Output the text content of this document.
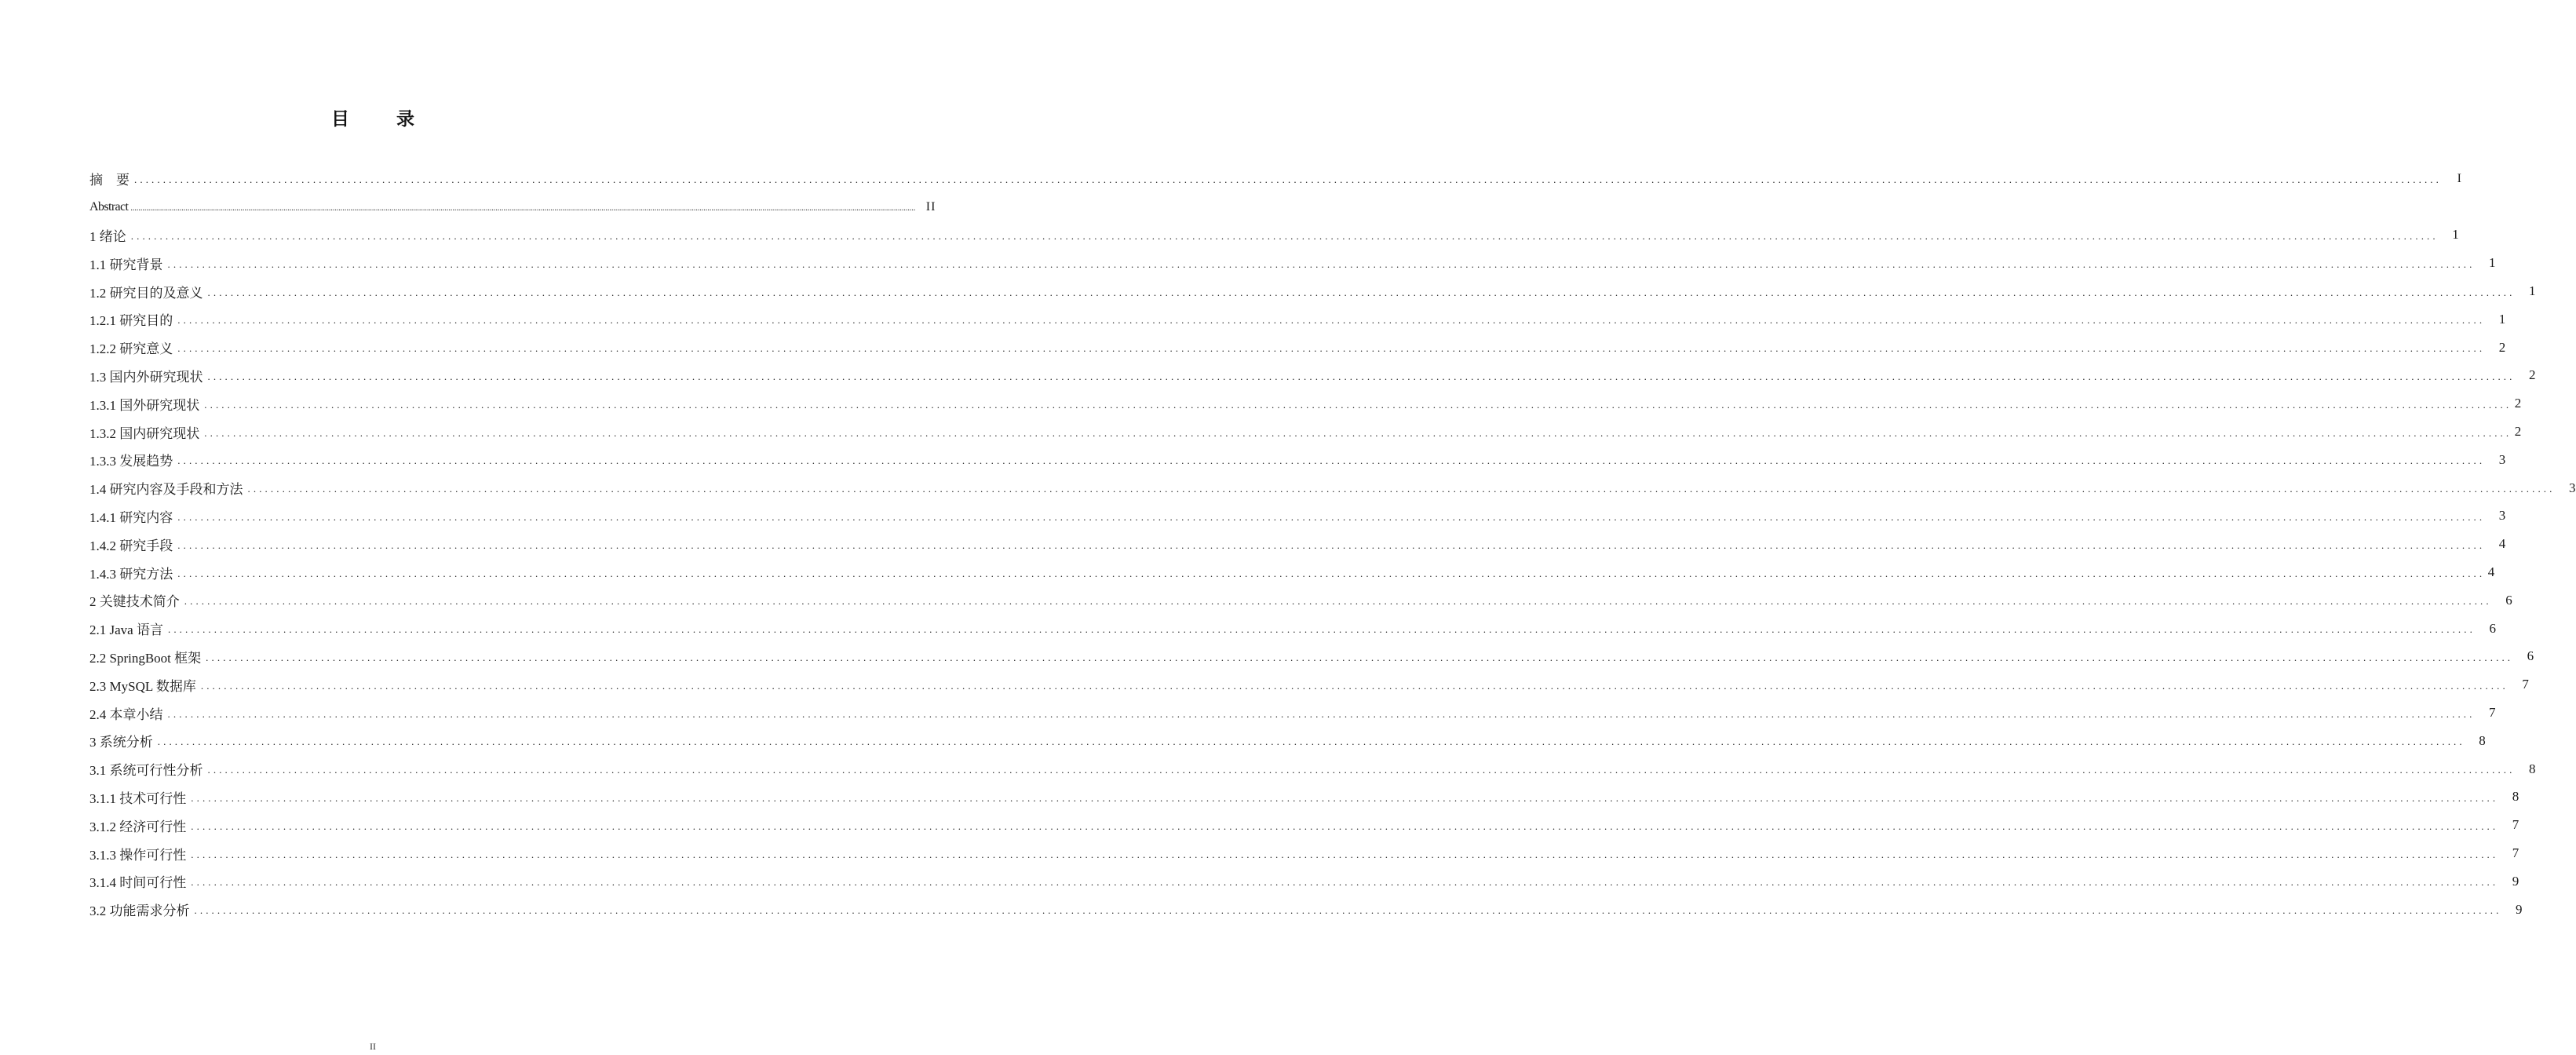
目 录
摘　要 ................................................................................................................................................................................................................................................................................................................................................................................................................	I
Abstract ................................................................................................................................................................................................................................................................................................................................................................................................................ II
1 绪论 ................................................................................................................................................................................................................................................................................................................................................................................................................	1
1.1 研究背景 ................................................................................................................................................................................................................................................................................................................................................................................................................	1
1.2 研究目的及意义 ................................................................................................................................................................................................................................................................................................................................................................................................................	1
1.2.1 研究目的 ................................................................................................................................................................................................................................................................................................................................................................................................................	1
1.2.2 研究意义 ................................................................................................................................................................................................................................................................................................................................................................................................................	2
1.3 国内外研究现状 ................................................................................................................................................................................................................................................................................................................................................................................................................	2
1.3.1 国外研究现状 ................................................................................................................................................................................................................................................................................................................................................................................................................ 2
1.3.2 国内研究现状 ................................................................................................................................................................................................................................................................................................................................................................................................................ 2
1.3.3 发展趋势 ................................................................................................................................................................................................................................................................................................................................................................................................................	3
1.4 研究内容及手段和方法 ................................................................................................................................................................................................................................................................................................................................................................................................................	3
1.4.1 研究内容 ................................................................................................................................................................................................................................................................................................................................................................................................................	3
1.4.2 研究手段 ................................................................................................................................................................................................................................................................................................................................................................................................................	4
1.4.3 研究方法 ................................................................................................................................................................................................................................................................................................................................................................................................................ 4
2 关键技术简介 ................................................................................................................................................................................................................................................................................................................................................................................................................	6
2.1 Java 语言 ................................................................................................................................................................................................................................................................................................................................................................................................................	6
2.2 SpringBoot 框架 ................................................................................................................................................................................................................................................................................................................................................................................................................	6
2.3 MySQL 数据库 ................................................................................................................................................................................................................................................................................................................................................................................................................	7
2.4 本章小结 ................................................................................................................................................................................................................................................................................................................................................................................................................	7
3 系统分析 ................................................................................................................................................................................................................................................................................................................................................................................................................	8
3.1 系统可行性分析 ................................................................................................................................................................................................................................................................................................................................................................................................................	8
3.1.1 技术可行性 ................................................................................................................................................................................................................................................................................................................................................................................................................	8
3.1.2 经济可行性 ................................................................................................................................................................................................................................................................................................................................................................................................................	7
3.1.3 操作可行性 ................................................................................................................................................................................................................................................................................................................................................................................................................	7
3.1.4 时间可行性 ................................................................................................................................................................................................................................................................................................................................................................................................................	9
3.2 功能需求分析 ................................................................................................................................................................................................................................................................................................................................................................................................................	9
II
